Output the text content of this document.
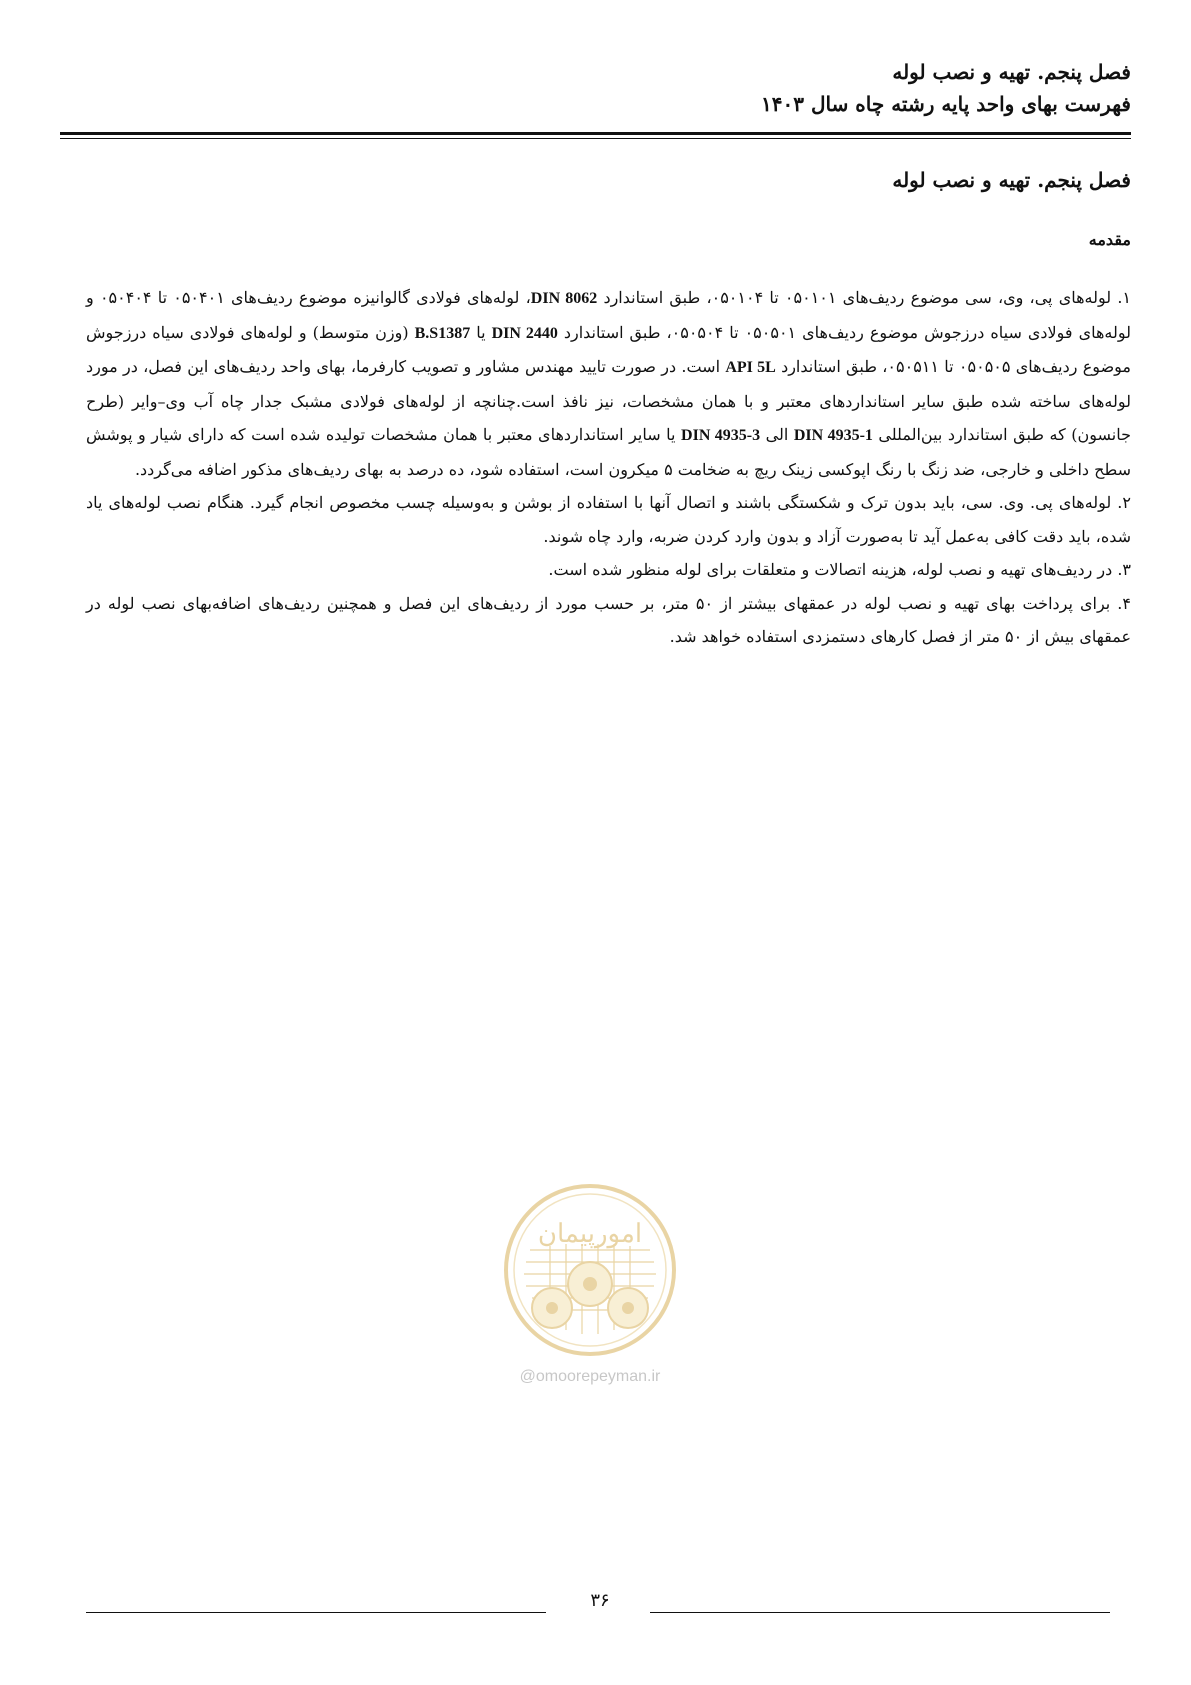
فصل پنجم. تهیه و نصب لوله
فهرست بهای واحد پایه رشته چاه سال ۱۴۰۳
فصل پنجم. تهیه و نصب لوله
مقدمه

۱. لوله‌های پی، وی، سی موضوع ردیف‌های ۰۵۰۱۰۱ تا ۰۵۰۱۰۴، طبق استاندارد DIN 8062، لوله‌های فولادی گالوانیزه موضوع ردیف‌های ۰۵۰۴۰۱ تا ۰۵۰۴۰۴ و لوله‌های فولادی سیاه درزجوش موضوع ردیف‌های ۰۵۰۵۰۱ تا ۰۵۰۵۰۴، طبق استاندارد DIN 2440 یا B.S1387 (وزن متوسط) و لوله‌های فولادی سیاه درزجوش موضوع ردیف‌های ۰۵۰۵۰۵ تا ۰۵۰۵۱۱، طبق استاندارد API 5L است. در صورت تایید مهندس مشاور و تصویب کارفرما، بهای واحد ردیف‌های این فصل، در مورد لوله‌های ساخته شده طبق سایر استانداردهای معتبر و با همان مشخصات، نیز نافذ است.چنانچه از لوله‌های فولادی مشبک جدار چاه آب وی–وایر (طرح جانسون) که طبق استاندارد بین‌المللی DIN 4935-1 الی DIN 4935-3 یا سایر استانداردهای معتبر با همان مشخصات تولیده شده است که دارای شیار و پوشش سطح داخلی و خارجی، ضد زنگ با رنگ اپوکسی زینک ریچ به ضخامت ۵ میکرون است، استفاده شود، ده درصد به بهای ردیف‌های مذکور اضافه می‌گردد.

۲. لوله‌های پی. وی. سی، باید بدون ترک و شکستگی باشند و اتصال آنها با استفاده از بوشن و به‌وسیله چسب مخصوص انجام گیرد. هنگام نصب لوله‌های یاد شده، باید دقت کافی به‌عمل آید تا به‌صورت آزاد و بدون وارد کردن ضربه، وارد چاه شوند.

۳. در ردیف‌های تهیه و نصب لوله، هزینه اتصالات و متعلقات برای لوله منظور شده است.

۴. برای پرداخت بهای تهیه و نصب لوله در عمقهای بیشتر از ۵۰ متر، بر حسب مورد از ردیف‌های این فصل و همچنین ردیف‌های اضافه‌بهای نصب لوله در عمقهای بیش از ۵۰ متر از فصل کارهای دستمزدی استفاده خواهد شد.

امورپیمان
@omoorepeyman.ir
۳۶
